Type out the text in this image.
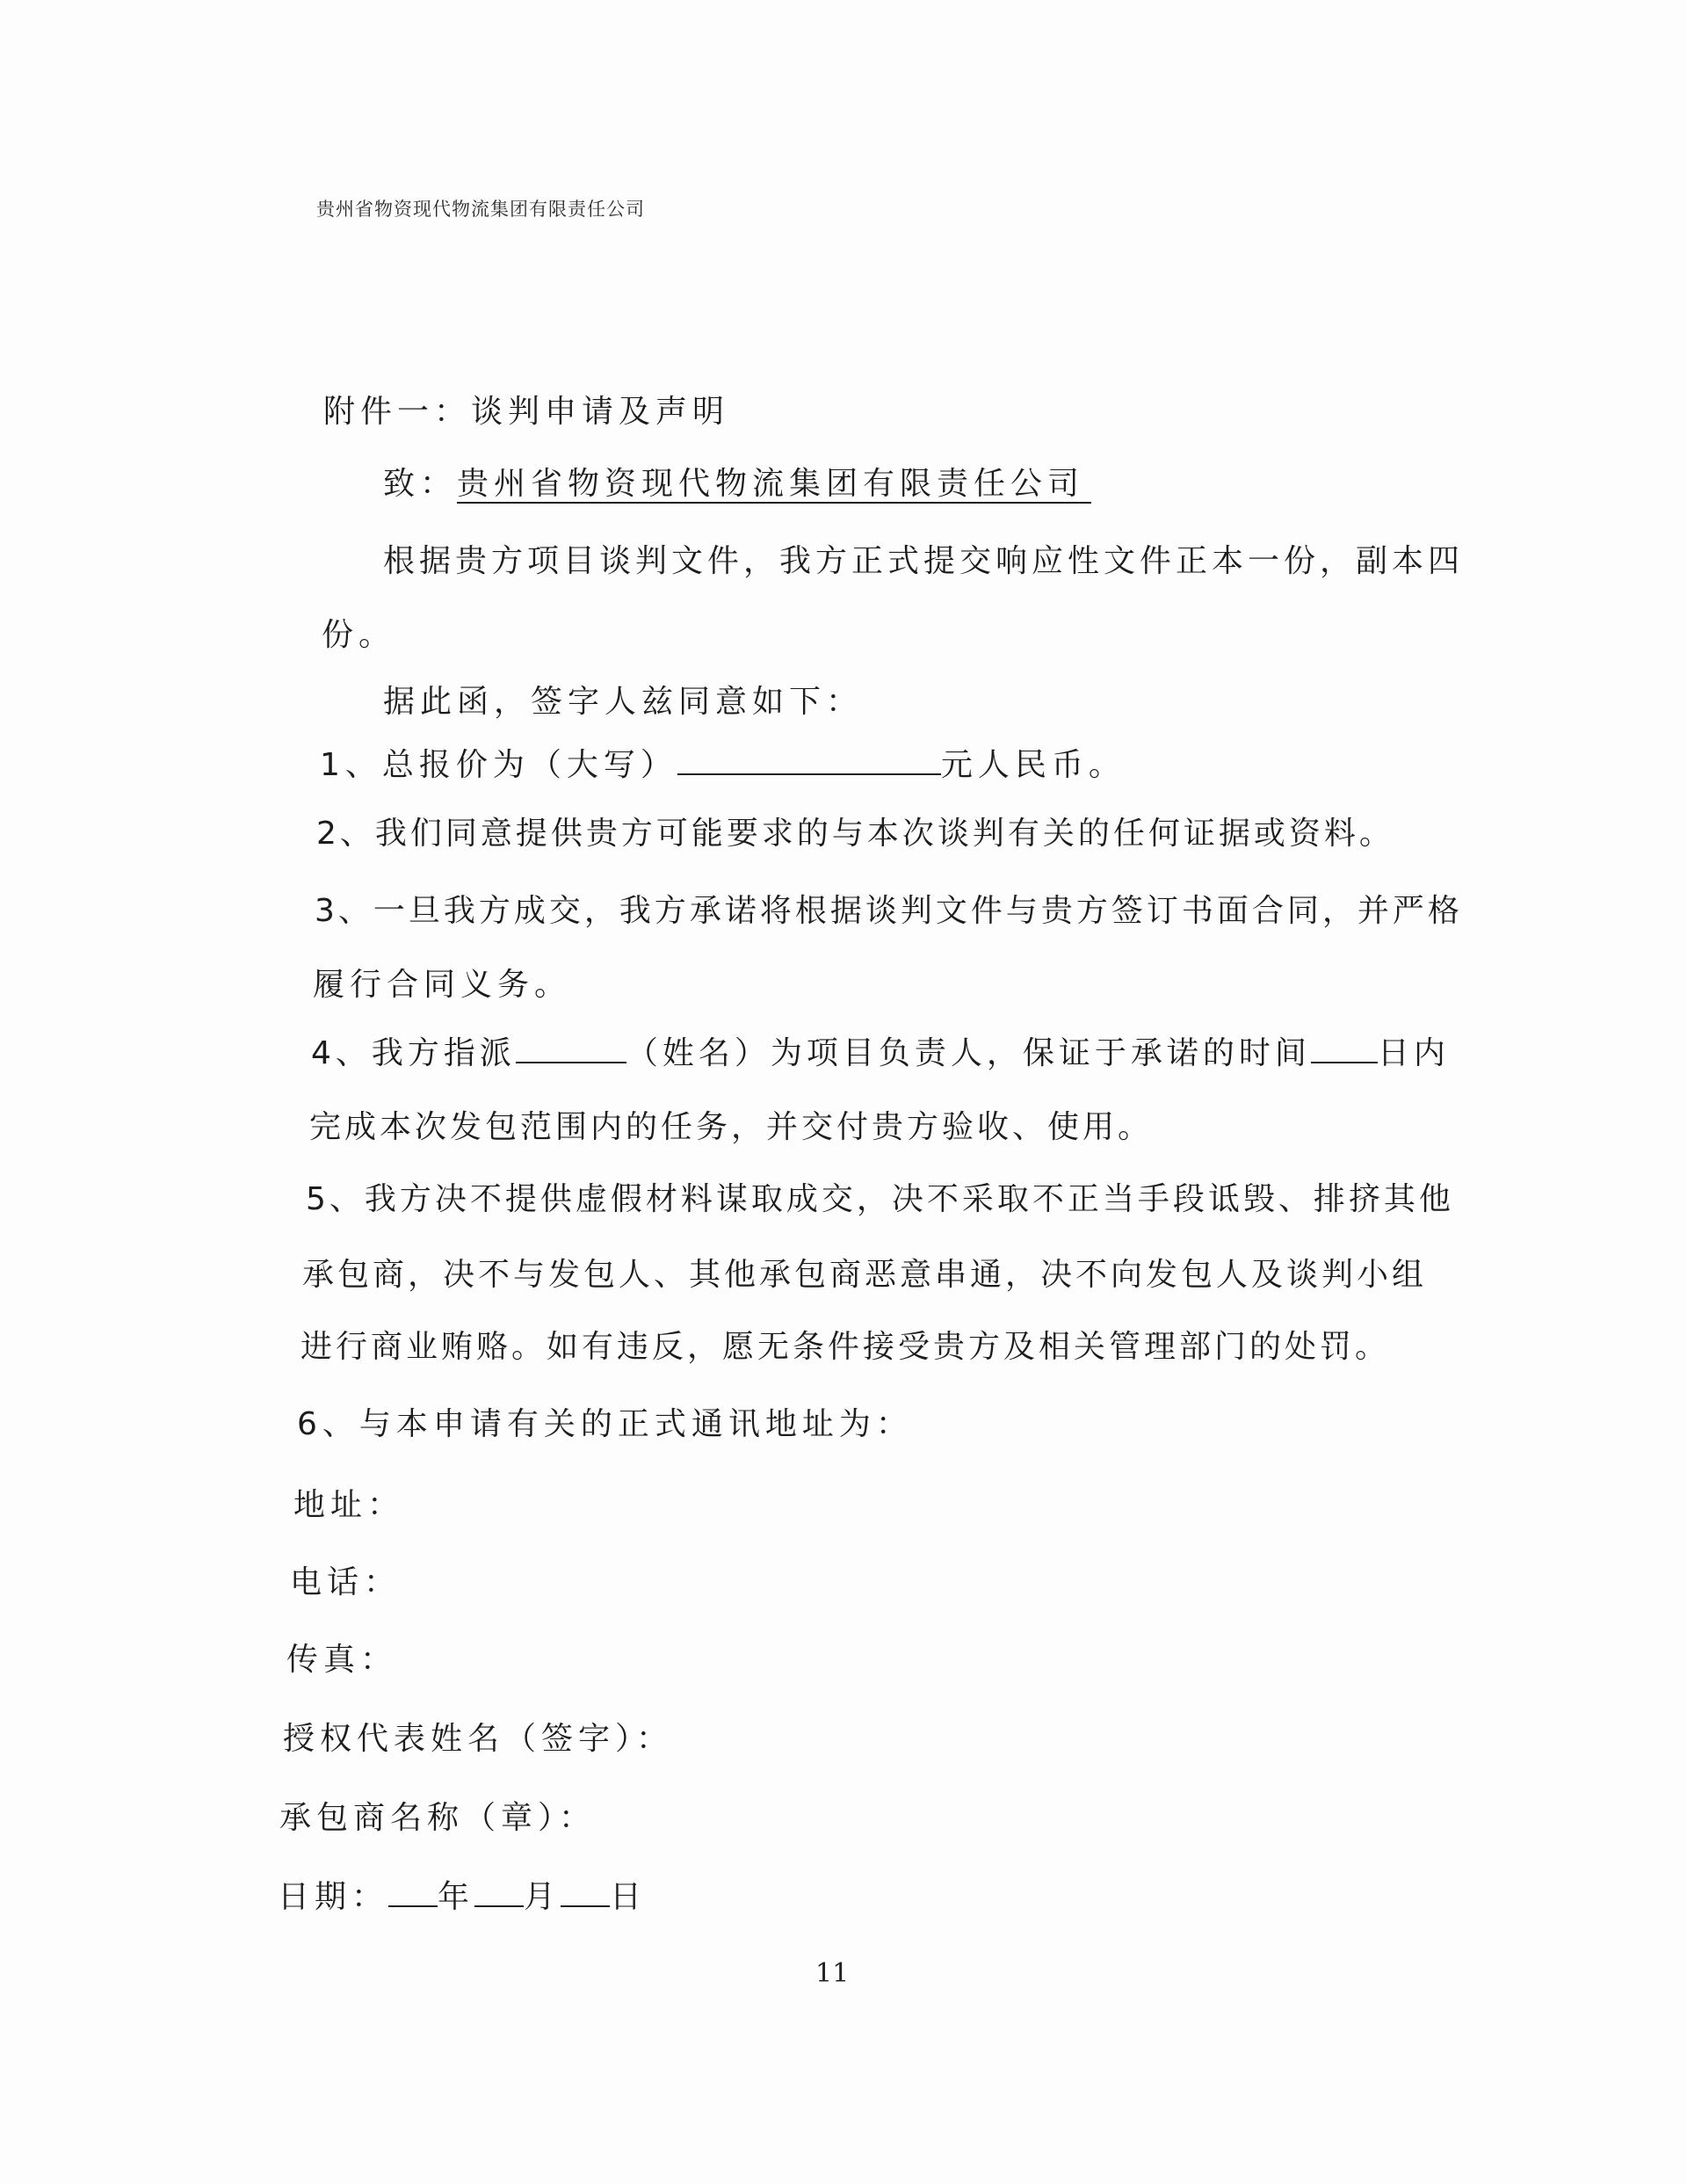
贵州省物资现代物流集团有限责任公司
附件一：谈判申请及声明
致：贵州省物资现代物流集团有限责任公司
根据贵方项目谈判文件，我方正式提交响应性文件正本一份，副本四
份。
据此函，签字人兹同意如下：
1、总报价为（大写）	元人民币。
2、我们同意提供贵方可能要求的与本次谈判有关的任何证据或资料。
3、一旦我方成交，我方承诺将根据谈判文件与贵方签订书面合同，并严格
履行合同义务。
4、我方指派	（姓名）为项目负责人，保证于承诺的时间 日内
完成本次发包范围内的任务，并交付贵方验收、使用。
5、我方决不提供虚假材料谋取成交，决不采取不正当手段诋毁、排挤其他
承包商，决不与发包人、其他承包商恶意串通，决不向发包人及谈判小组
进行商业贿赂。如有违反，愿无条件接受贵方及相关管理部门的处罚。
6、与本申请有关的正式通讯地址为：
地址：
电话：
传真：
授权代表姓名（签字）：
承包商名称（章）：
日期： 年 月 日
11
